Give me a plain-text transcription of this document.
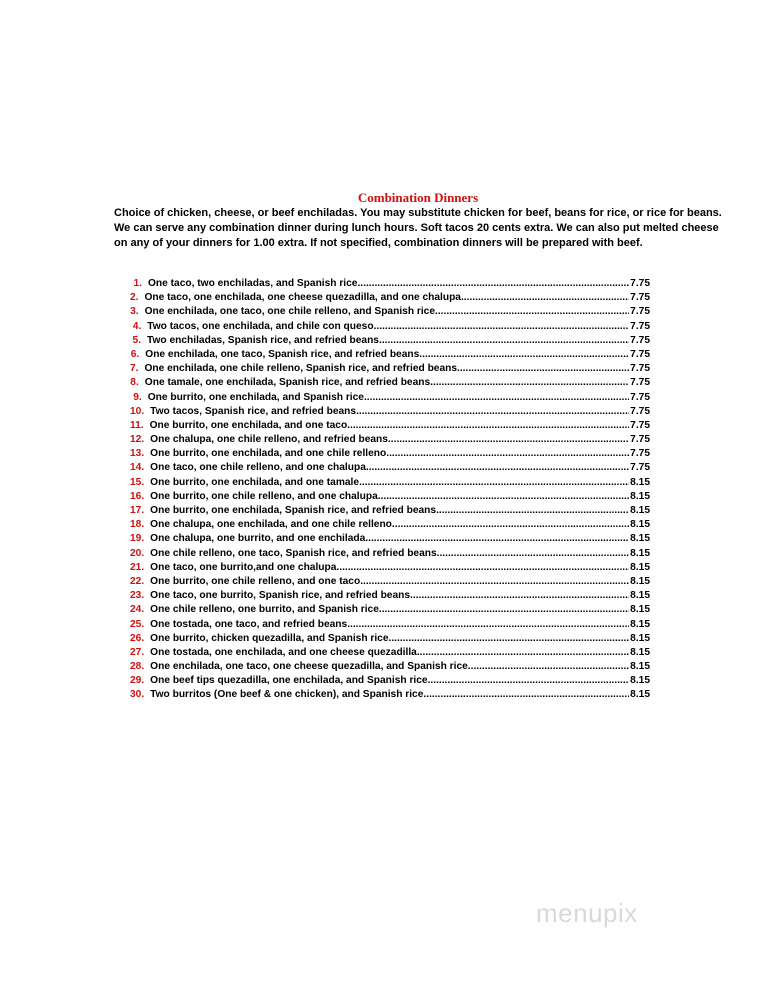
Combination Dinners
Choice of chicken, cheese, or beef enchiladas. You may substitute chicken for beef, beans for rice, or rice for beans. We can serve any combination dinner during lunch hours. Soft tacos 20 cents extra. We can also put melted cheese on any of your dinners for 1.00 extra. If not specified, combination dinners will be prepared with beef.
1. One taco, two enchiladas, and Spanish rice .....	7.75
2. One taco, one enchilada, one cheese quezadilla, and one chalupa .....	7.75
3. One enchilada, one taco, one chile relleno, and Spanish rice .....	7.75
4. Two tacos, one enchilada, and chile con queso .....	7.75
5. Two enchiladas, Spanish rice, and refried beans .....	7.75
6. One enchilada, one taco, Spanish rice, and refried beans .....	7.75
7. One enchilada, one chile relleno, Spanish rice, and refried beans .....	7.75
8. One tamale, one enchilada, Spanish rice, and refried beans .....	7.75
9. One burrito, one enchilada, and Spanish rice .....	7.75
10. Two tacos, Spanish rice, and refried beans .....	7.75
11. One burrito, one enchilada, and one taco .....	7.75
12. One chalupa, one chile relleno, and refried beans .....	7.75
13. One burrito, one enchilada, and one chile relleno .....	7.75
14. One taco, one chile relleno, and one chalupa .....	7.75
15. One burrito, one enchilada, and one tamale .....	8.15
16. One burrito, one chile relleno, and one chalupa .....	8.15
17. One burrito, one enchilada, Spanish rice, and refried beans .....	8.15
18. One chalupa, one enchilada, and one chile relleno .....	8.15
19. One chalupa, one burrito, and one enchilada .....	8.15
20. One chile relleno, one taco, Spanish rice, and refried beans .....	8.15
21. One taco, one burrito,and one chalupa .....	8.15
22. One burrito, one chile relleno, and one taco .....	8.15
23. One taco, one burrito, Spanish rice, and refried beans .....	8.15
24. One chile relleno, one burrito, and Spanish rice .....	8.15
25. One tostada, one taco, and refried beans .....	8.15
26. One burrito, chicken quezadilla, and Spanish rice .....	8.15
27. One tostada, one enchilada, and one cheese quezadilla .....	8.15
28. One enchilada, one taco, one cheese quezadilla, and Spanish rice .....	8.15
29. One beef tips quezadilla, one enchilada, and Spanish rice .....	8.15
30. Two burritos (One beef & one chicken), and Spanish rice .....	8.15
menupix
